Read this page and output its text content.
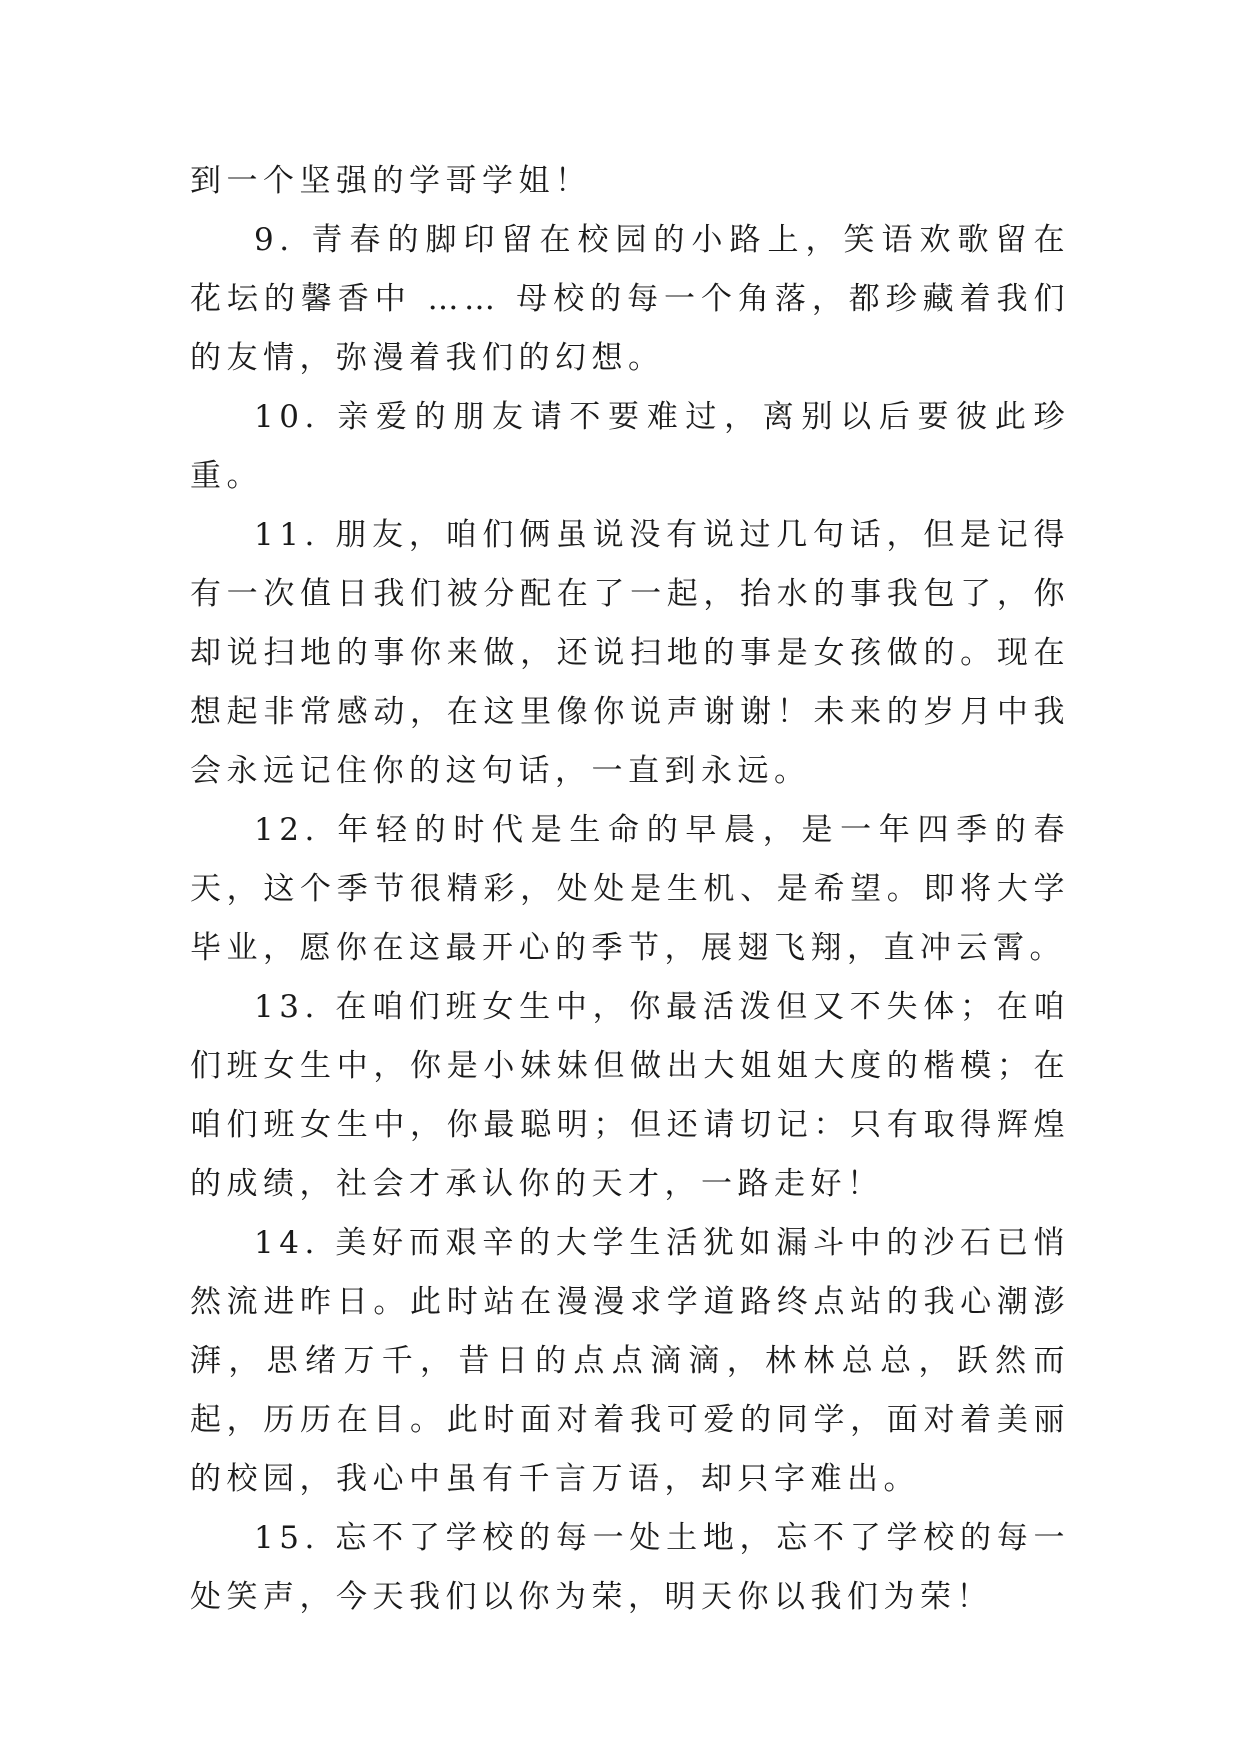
到一个坚强的学哥学姐！

9. 青春的脚印留在校园的小路上，笑语欢歌留在花坛的馨香中 …… 母校的每一个角落，都珍藏着我们的友情，弥漫着我们的幻想。

10. 亲爱的朋友请不要难过，离别以后要彼此珍重。

11. 朋友，咱们俩虽说没有说过几句话，但是记得有一次值日我们被分配在了一起，抬水的事我包了，你却说扫地的事你来做，还说扫地的事是女孩做的。现在想起非常感动，在这里像你说声谢谢！未来的岁月中我会永远记住你的这句话，一直到永远。

12. 年轻的时代是生命的早晨，是一年四季的春天，这个季节很精彩，处处是生机、是希望。即将大学毕业，愿你在这最开心的季节，展翅飞翔，直冲云霄。

13. 在咱们班女生中，你最活泼但又不失体；在咱们班女生中，你是小妹妹但做出大姐姐大度的楷模；在咱们班女生中，你最聪明；但还请切记：只有取得辉煌的成绩，社会才承认你的天才，一路走好！

14. 美好而艰辛的大学生活犹如漏斗中的沙石已悄然流进昨日。此时站在漫漫求学道路终点站的我心潮澎湃，思绪万千，昔日的点点滴滴，林林总总，跃然而起，历历在目。此时面对着我可爱的同学，面对着美丽的校园，我心中虽有千言万语，却只字难出。

15. 忘不了学校的每一处土地，忘不了学校的每一处笑声，今天我们以你为荣，明天你以我们为荣！
